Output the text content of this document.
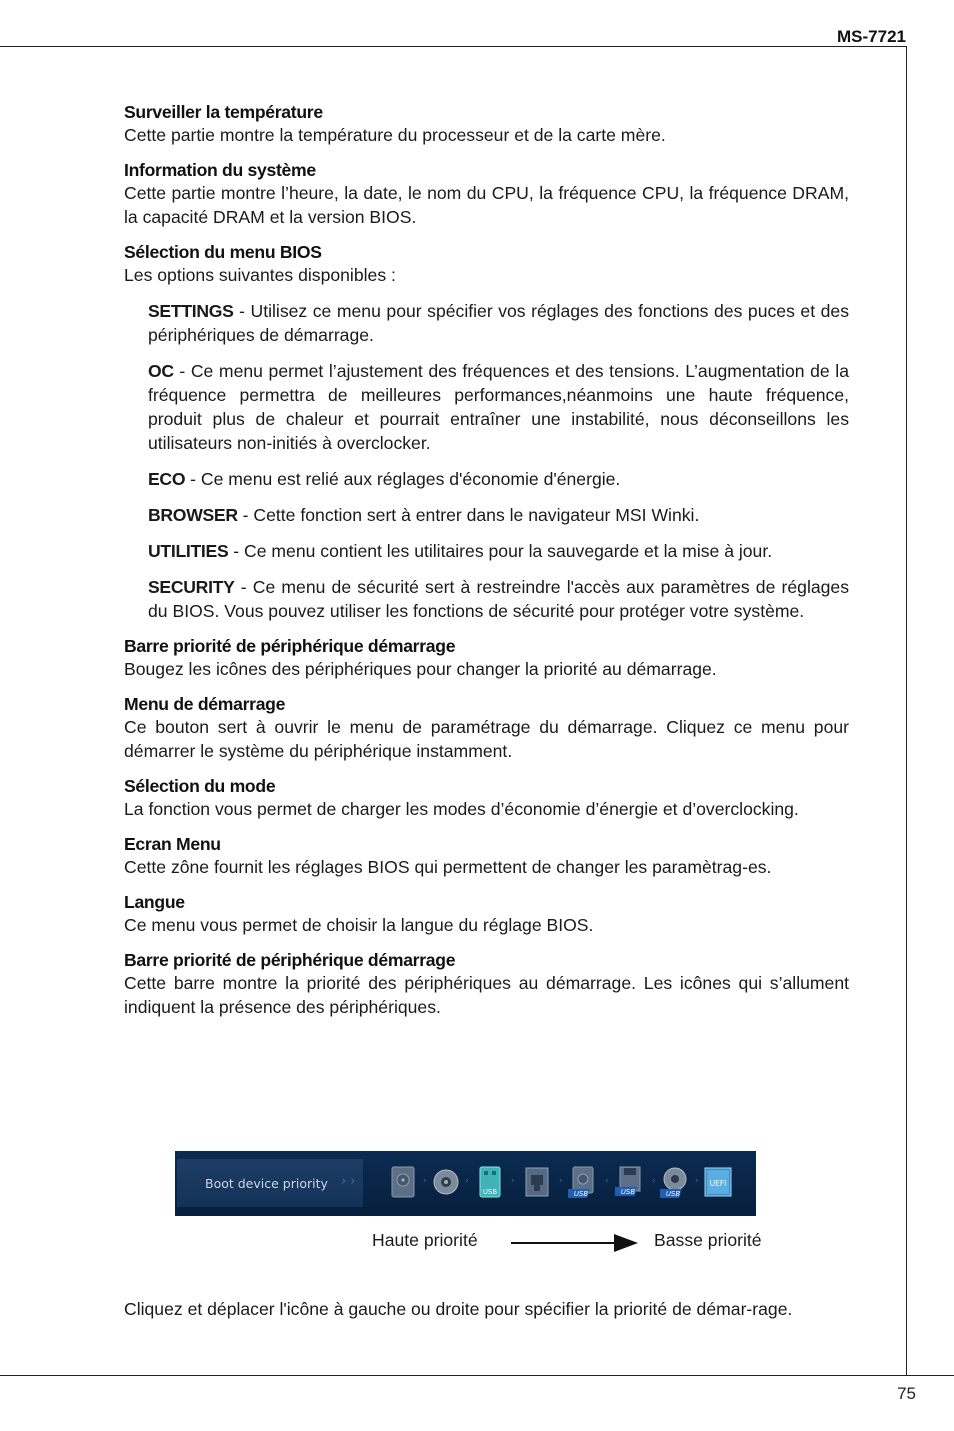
MS-7721
75

Surveiller la température

Cette partie montre la température du processeur et de la carte mère.

Information du système

Cette partie montre l’heure, la date, le nom du CPU, la fréquence CPU, la fréquence DRAM, la capacité DRAM et la version BIOS.

Sélection du menu BIOS

Les options suivantes disponibles :

SETTINGS - Utilisez ce menu pour spécifier vos réglages des fonctions des puces et des périphériques de démarrage.

OC - Ce menu permet l’ajustement des fréquences et des tensions. L’augmentation de la fréquence permettra de meilleures performances,néanmoins une haute fréquence, produit plus de chaleur et pourrait entraîner une instabilité, nous déconseillons les utilisateurs non-initiés à overclocker.

ECO - Ce menu est relié aux réglages d'économie d'énergie.

BROWSER - Cette fonction sert à entrer dans le navigateur MSI Winki.

UTILITIES - Ce menu contient les utilitaires pour la sauvegarde et la mise à jour.

SECURITY - Ce menu de sécurité sert à restreindre l'accès aux paramètres de réglages du BIOS. Vous pouvez utiliser les fonctions de sécurité pour protéger votre système.

Barre priorité de périphérique démarrage

Bougez les icônes des périphériques pour changer la priorité au démarrage.

Menu de démarrage

Ce bouton sert à ouvrir le menu de paramétrage du démarrage. Cliquez ce menu pour démarrer le système du périphérique instamment.

Sélection du mode

La fonction vous permet de charger les modes d’économie d’énergie et d’overclocking.

Ecran Menu

Cette zône fournit les réglages BIOS qui permettent de changer les paramètrag-es.

Langue

Ce menu vous permet de choisir la langue du réglage BIOS.

Barre priorité de périphérique démarrage

Cette barre montre la priorité des périphériques au démarrage. Les icônes qui s’allument indiquent la présence des périphériques.

Boot device priority › ›	›	›
USB
›	›
USB
›
USB
›
USB
› UEFI
Haute priorité	Basse priorité

Cliquez et déplacer l'icône à gauche ou droite pour spécifier la priorité de démar-rage.
